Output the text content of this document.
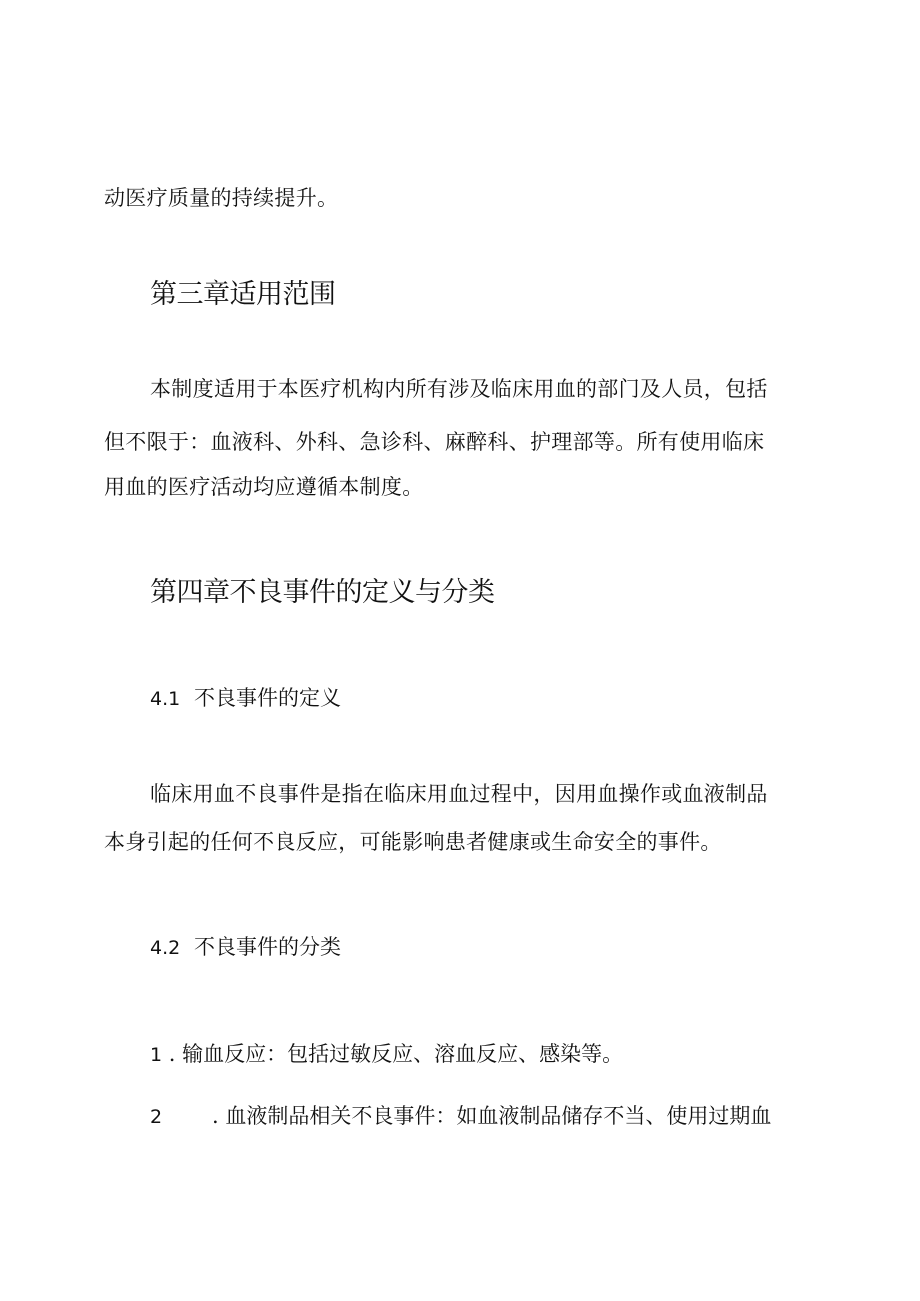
动医疗质量的持续提升。
第三章适用范围
本制度适用于本医疗机构内所有涉及临床用血的部门及人员，包括
但不限于：血液科、外科、急诊科、麻醉科、护理部等。所有使用临床
用血的医疗活动均应遵循本制度。
第四章不良事件的定义与分类
4.1 不良事件的定义
临床用血不良事件是指在临床用血过程中，因用血操作或血液制品
本身引起的任何不良反应，可能影响患者健康或生命安全的事件。
4.2 不良事件的分类
1 . 输血反应：包括过敏反应、溶血反应、感染等。
2 . 血液制品相关不良事件：如血液制品储存不当、使用过期血
